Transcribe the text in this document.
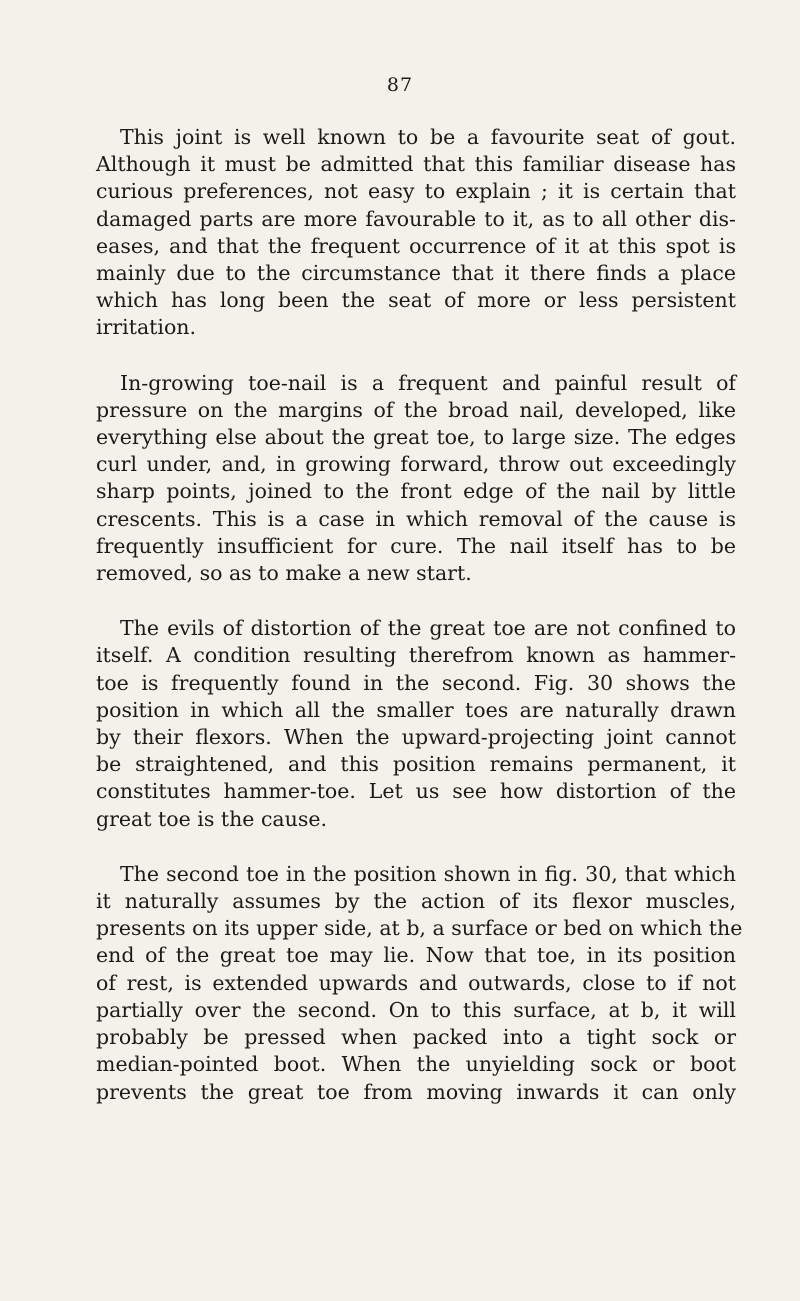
87

This joint is well known to be a favourite seat of gout.
Although it must be admitted that this familiar disease has
curious preferences, not easy to explain ; it is certain that
damaged parts are more favourable to it, as to all other dis-
eases, and that the frequent occurrence of it at this spot is
mainly due to the circumstance that it there finds a place
which has long been the seat of more or less persistent
irritation.

In-growing toe-nail is a frequent and painful result of
pressure on the margins of the broad nail, developed, like
everything else about the great toe, to large size. The edges
curl under, and, in growing forward, throw out exceedingly
sharp points, joined to the front edge of the nail by little
crescents. This is a case in which removal of the cause is
frequently insufficient for cure. The nail itself has to be
removed, so as to make a new start.

The evils of distortion of the great toe are not confined to
itself. A condition resulting therefrom known as hammer-
toe is frequently found in the second. Fig. 30 shows the
position in which all the smaller toes are naturally drawn
by their flexors. When the upward-projecting joint cannot
be straightened, and this position remains permanent, it
constitutes hammer-toe. Let us see how distortion of the
great toe is the cause.

The second toe in the position shown in fig. 30, that which
it naturally assumes by the action of its flexor muscles,
presents on its upper side, at b, a surface or bed on which the
end of the great toe may lie. Now that toe, in its position
of rest, is extended upwards and outwards, close to if not
partially over the second. On to this surface, at b, it will
probably be pressed when packed into a tight sock or
median-pointed boot. When the unyielding sock or boot
prevents the great toe from moving inwards it can only
